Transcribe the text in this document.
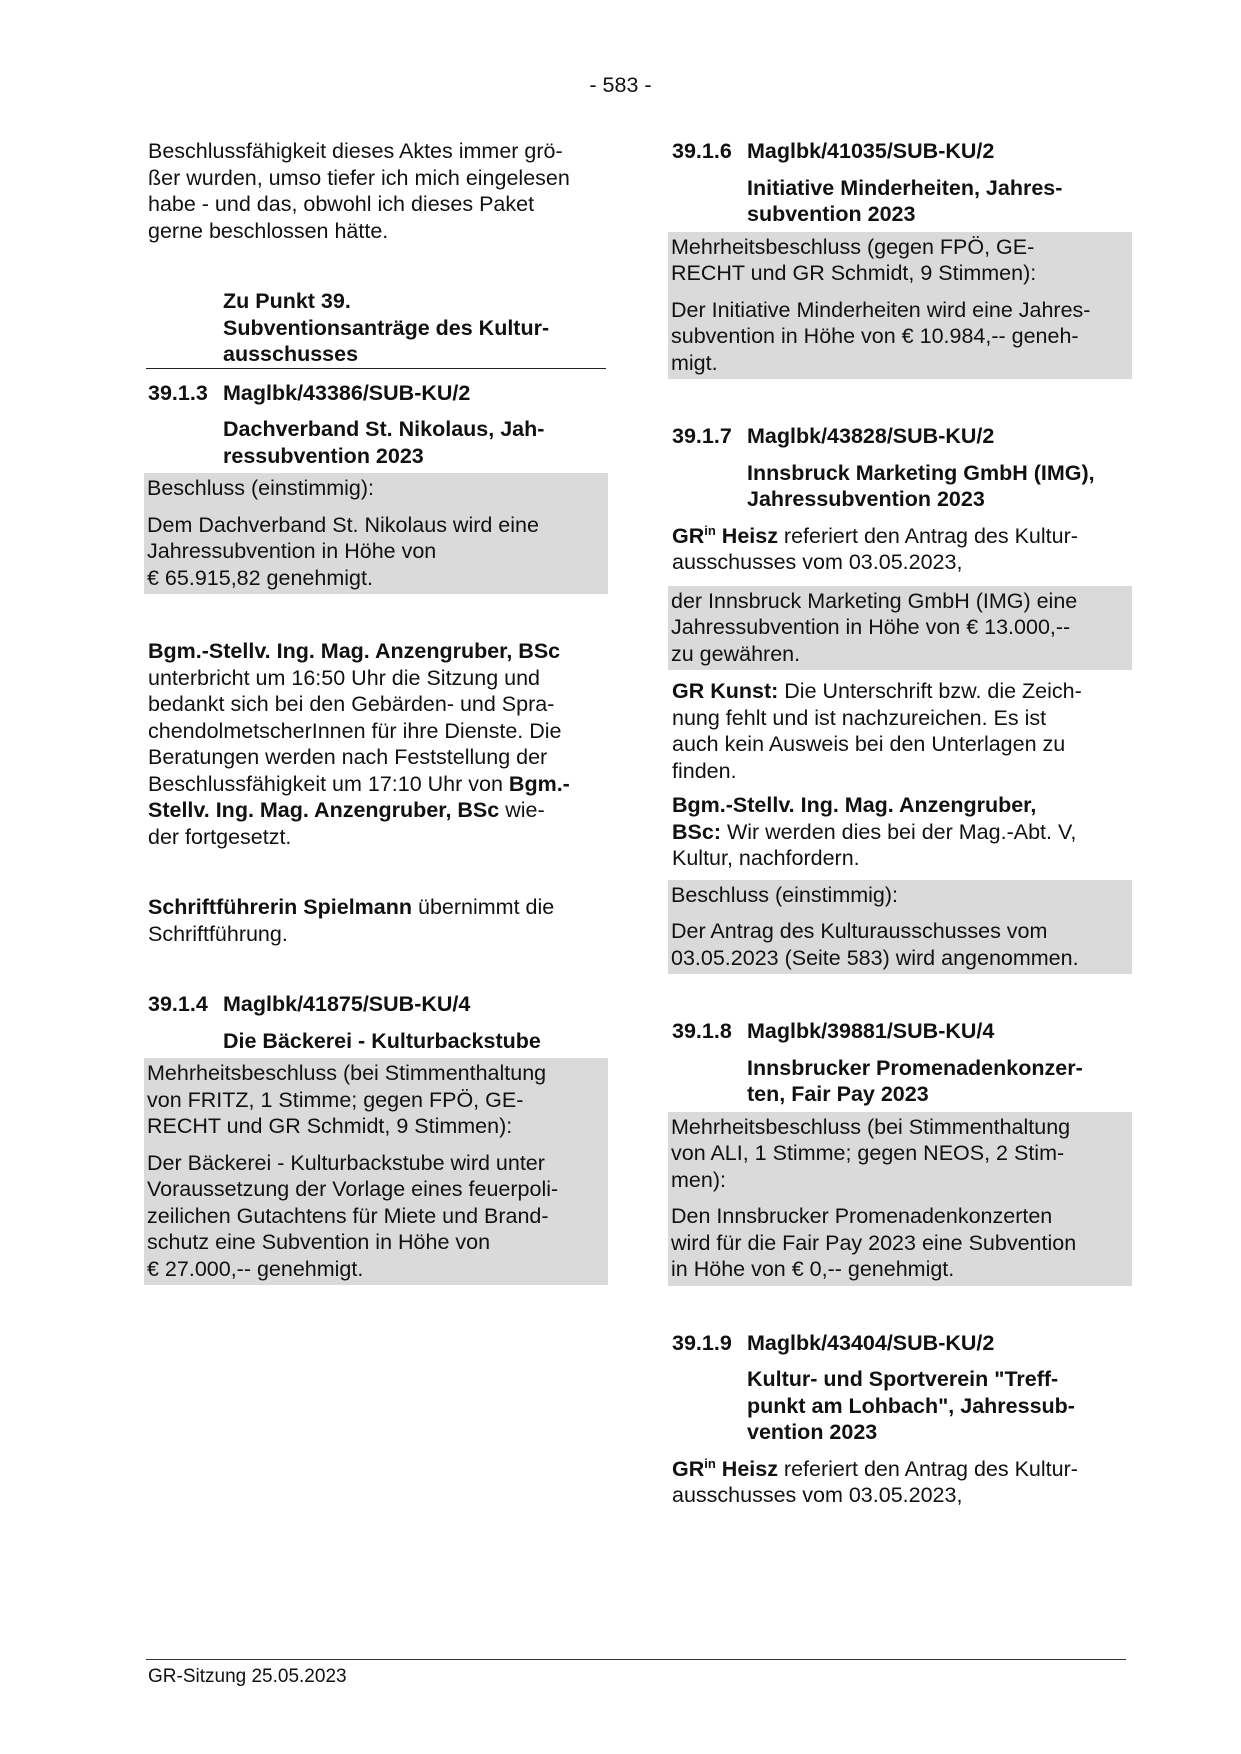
- 583 -
Beschlussfähigkeit dieses Aktes immer grö-
ßer wurden, umso tiefer ich mich eingelesen
habe - und das, obwohl ich dieses Paket
gerne beschlossen hätte.
Zu Punkt 39.
Subventionsanträge des Kultur-
ausschusses
39.1.3 Maglbk/43386/SUB-KU/2
Dachverband St. Nikolaus, Jah-
ressubvention 2023
Beschluss (einstimmig):
Dem Dachverband St. Nikolaus wird eine
Jahressubvention in Höhe von
€ 65.915,82 genehmigt.
Bgm.-Stellv. Ing. Mag. Anzengruber, BSc
unterbricht um 16:50 Uhr die Sitzung und
bedankt sich bei den Gebärden- und Spra-
chendolmetscherInnen für ihre Dienste. Die
Beratungen werden nach Feststellung der
Beschlussfähigkeit um 17:10 Uhr von Bgm.-
Stellv. Ing. Mag. Anzengruber, BSc wie-
der fortgesetzt.
Schriftführerin Spielmann übernimmt die
Schriftführung.
39.1.4 Maglbk/41875/SUB-KU/4
Die Bäckerei - Kulturbackstube
Mehrheitsbeschluss (bei Stimmenthaltung
von FRITZ, 1 Stimme; gegen FPÖ, GE-
RECHT und GR Schmidt, 9 Stimmen):
Der Bäckerei - Kulturbackstube wird unter
Voraussetzung der Vorlage eines feuerpoli-
zeilichen Gutachtens für Miete und Brand-
schutz eine Subvention in Höhe von
€ 27.000,-- genehmigt.
39.1.6 Maglbk/41035/SUB-KU/2
Initiative Minderheiten, Jahres-
subvention 2023
Mehrheitsbeschluss (gegen FPÖ, GE-
RECHT und GR Schmidt, 9 Stimmen):
Der Initiative Minderheiten wird eine Jahres-
subvention in Höhe von € 10.984,-- geneh-
migt.
39.1.7 Maglbk/43828/SUB-KU/2
Innsbruck Marketing GmbH (IMG),
Jahressubvention 2023
$GR^{in}$ Heisz referiert den Antrag des Kultur-
ausschusses vom 03.05.2023,
der Innsbruck Marketing GmbH (IMG) eine
Jahressubvention in Höhe von € 13.000,--
zu gewähren.
GR Kunst: Die Unterschrift bzw. die Zeich-
nung fehlt und ist nachzureichen. Es ist
auch kein Ausweis bei den Unterlagen zu
finden.
Bgm.-Stellv. Ing. Mag. Anzengruber,
BSc: Wir werden dies bei der Mag.-Abt. V,
Kultur, nachfordern.
Beschluss (einstimmig):
Der Antrag des Kulturausschusses vom
03.05.2023 (Seite 583) wird angenommen.
39.1.8 Maglbk/39881/SUB-KU/4
Innsbrucker Promenadenkonzer-
ten, Fair Pay 2023
Mehrheitsbeschluss (bei Stimmenthaltung
von ALI, 1 Stimme; gegen NEOS, 2 Stim-
men):
Den Innsbrucker Promenadenkonzerten
wird für die Fair Pay 2023 eine Subvention
in Höhe von € 0,-- genehmigt.
39.1.9 Maglbk/43404/SUB-KU/2
Kultur- und Sportverein "Treff-
punkt am Lohbach", Jahressub-
vention 2023
$GR^{in}$ Heisz referiert den Antrag des Kultur-
ausschusses vom 03.05.2023,
GR-Sitzung 25.05.2023
